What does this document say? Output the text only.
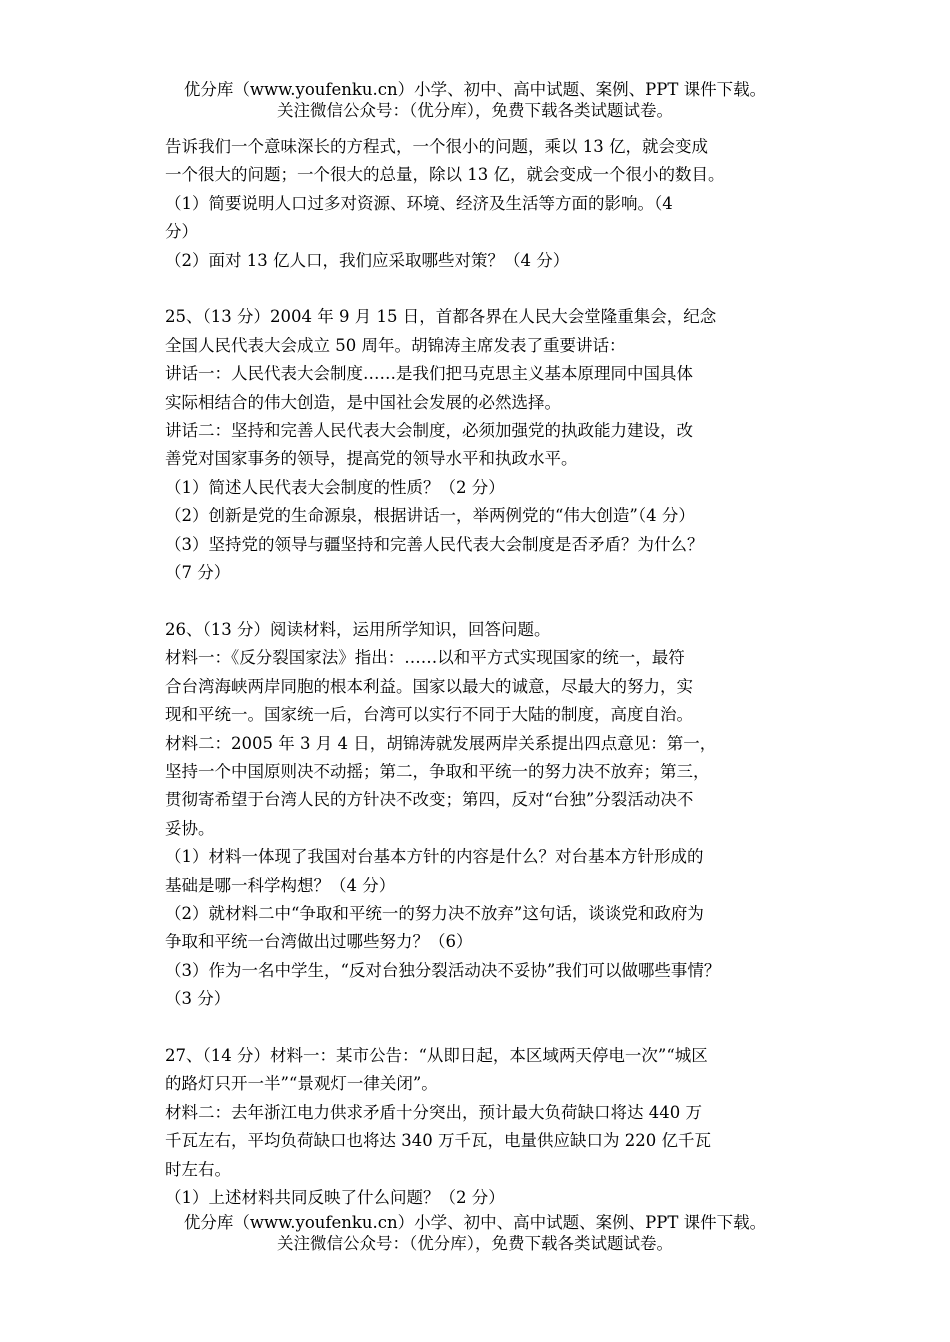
优分库（www.youfenku.cn）小学、初中、高中试题、案例、PPT 课件下载。
关注微信公众号：（优分库），免费下载各类试题试卷。

告诉我们一个意味深长的方程式，一个很小的问题，乘以 13 亿，就会变成

一个很大的问题；一个很大的总量，除以 13 亿，就会变成一个很小的数目。

（1）简要说明人口过多对资源、环境、经济及生活等方面的影响。（4

分）

（2）面对 13 亿人口，我们应采取哪些对策？（4 分）

25、（13 分）2004 年 9 月 15 日，首都各界在人民大会堂隆重集会，纪念

全国人民代表大会成立 50 周年。胡锦涛主席发表了重要讲话：

讲话一：人民代表大会制度……是我们把马克思主义基本原理同中国具体

实际相结合的伟大创造，是中国社会发展的必然选择。

讲话二：坚持和完善人民代表大会制度，必须加强党的执政能力建设，改

善党对国家事务的领导，提高党的领导水平和执政水平。

（1）简述人民代表大会制度的性质？（2 分）

（2）创新是党的生命源泉，根据讲话一，举两例党的“伟大创造”（4 分）

（3）坚持党的领导与疆坚持和完善人民代表大会制度是否矛盾？为什么？

（7 分）

26、（13 分）阅读材料，运用所学知识，回答问题。

材料一：《反分裂国家法》指出：……以和平方式实现国家的统一，最符

合台湾海峡两岸同胞的根本利益。国家以最大的诚意，尽最大的努力，实

现和平统一。国家统一后，台湾可以实行不同于大陆的制度，高度自治。

材料二：2005 年 3 月 4 日，胡锦涛就发展两岸关系提出四点意见：第一，

坚持一个中国原则决不动摇；第二，争取和平统一的努力决不放弃；第三，

贯彻寄希望于台湾人民的方针决不改变；第四，反对“台独”分裂活动决不

妥协。

（1）材料一体现了我国对台基本方针的内容是什么？对台基本方针形成的

基础是哪一科学构想？（4 分）

（2）就材料二中“争取和平统一的努力决不放弃”这句话，谈谈党和政府为

争取和平统一台湾做出过哪些努力？（6）

（3）作为一名中学生，“反对台独分裂活动决不妥协”我们可以做哪些事情？

（3 分）

27、（14 分）材料一：某市公告：“从即日起，本区域两天停电一次”“城区

的路灯只开一半”“景观灯一律关闭”。

材料二：去年浙江电力供求矛盾十分突出，预计最大负荷缺口将达 440 万

千瓦左右，平均负荷缺口也将达 340 万千瓦，电量供应缺口为 220 亿千瓦

时左右。

（1）上述材料共同反映了什么问题？（2 分）

优分库（www.youfenku.cn）小学、初中、高中试题、案例、PPT 课件下载。
关注微信公众号：（优分库），免费下载各类试题试卷。
